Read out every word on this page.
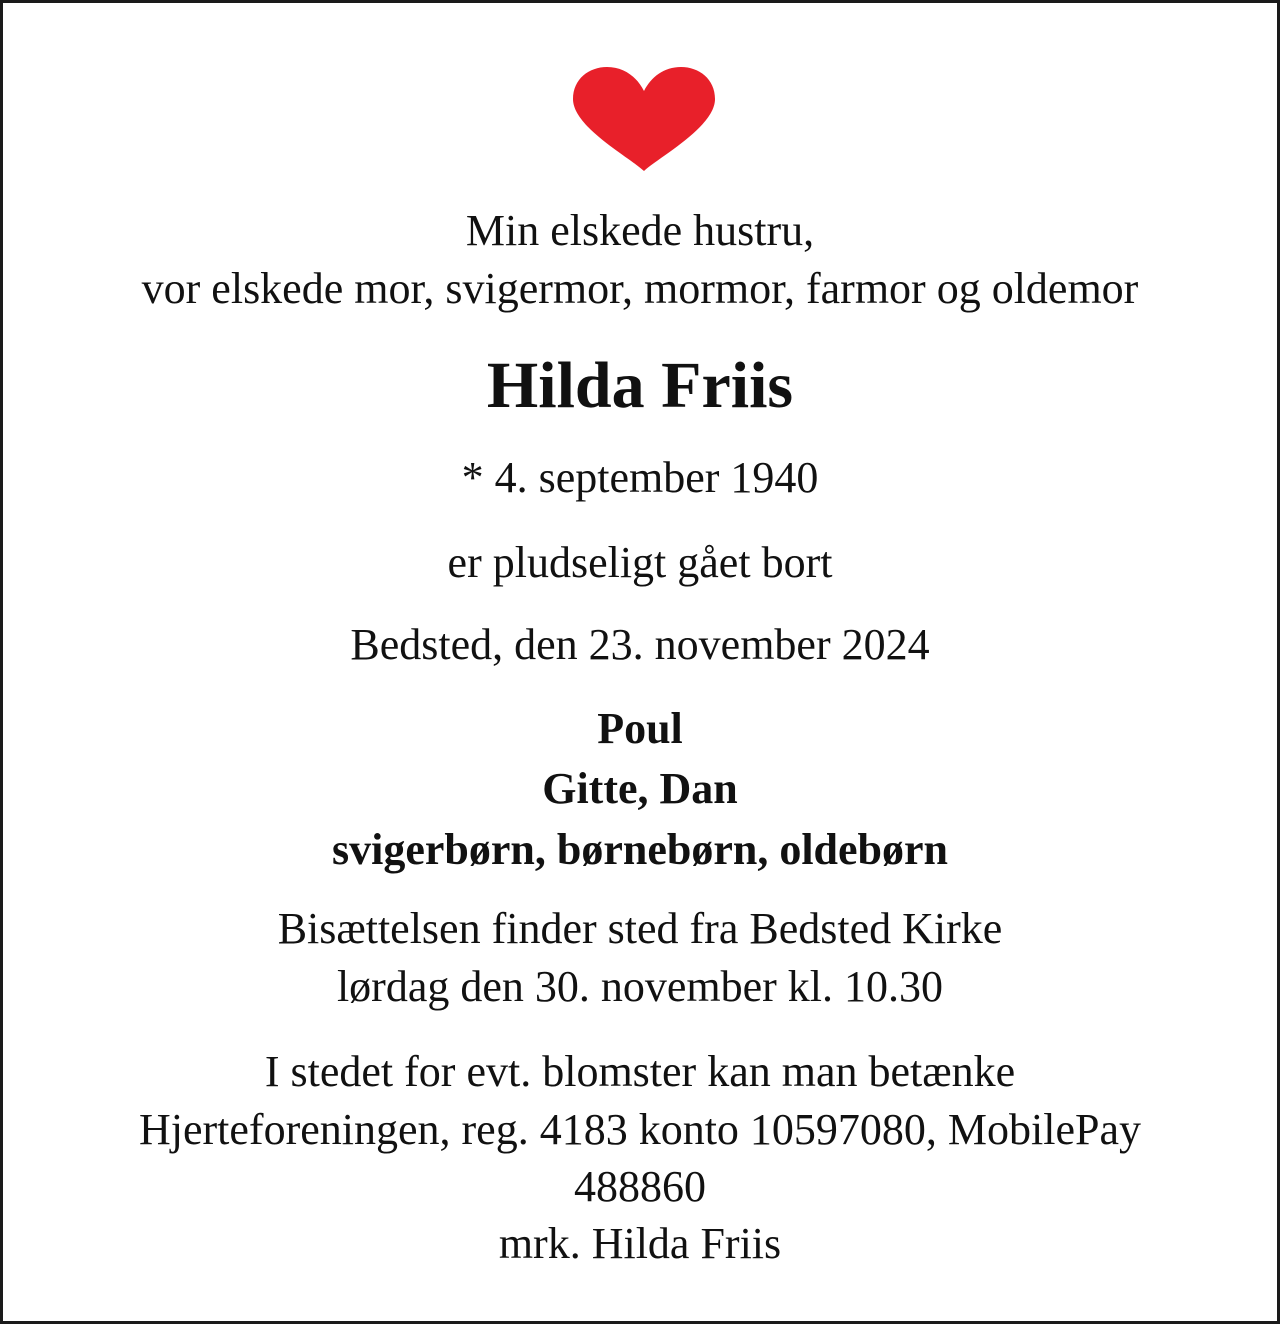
Min elskede hustru,
vor elskede mor, svigermor, mormor, farmor og oldemor
Hilda Friis
* 4. september 1940
er pludseligt gået bort
Bedsted, den 23. november 2024
Poul
Gitte, Dan
svigerbørn, børnebørn, oldebørn
Bisættelsen finder sted fra Bedsted Kirke
lørdag den 30. november kl. 10.30
I stedet for evt. blomster kan man betænke
Hjerteforeningen, reg. 4183 konto 10597080, MobilePay
488860
mrk. Hilda Friis
